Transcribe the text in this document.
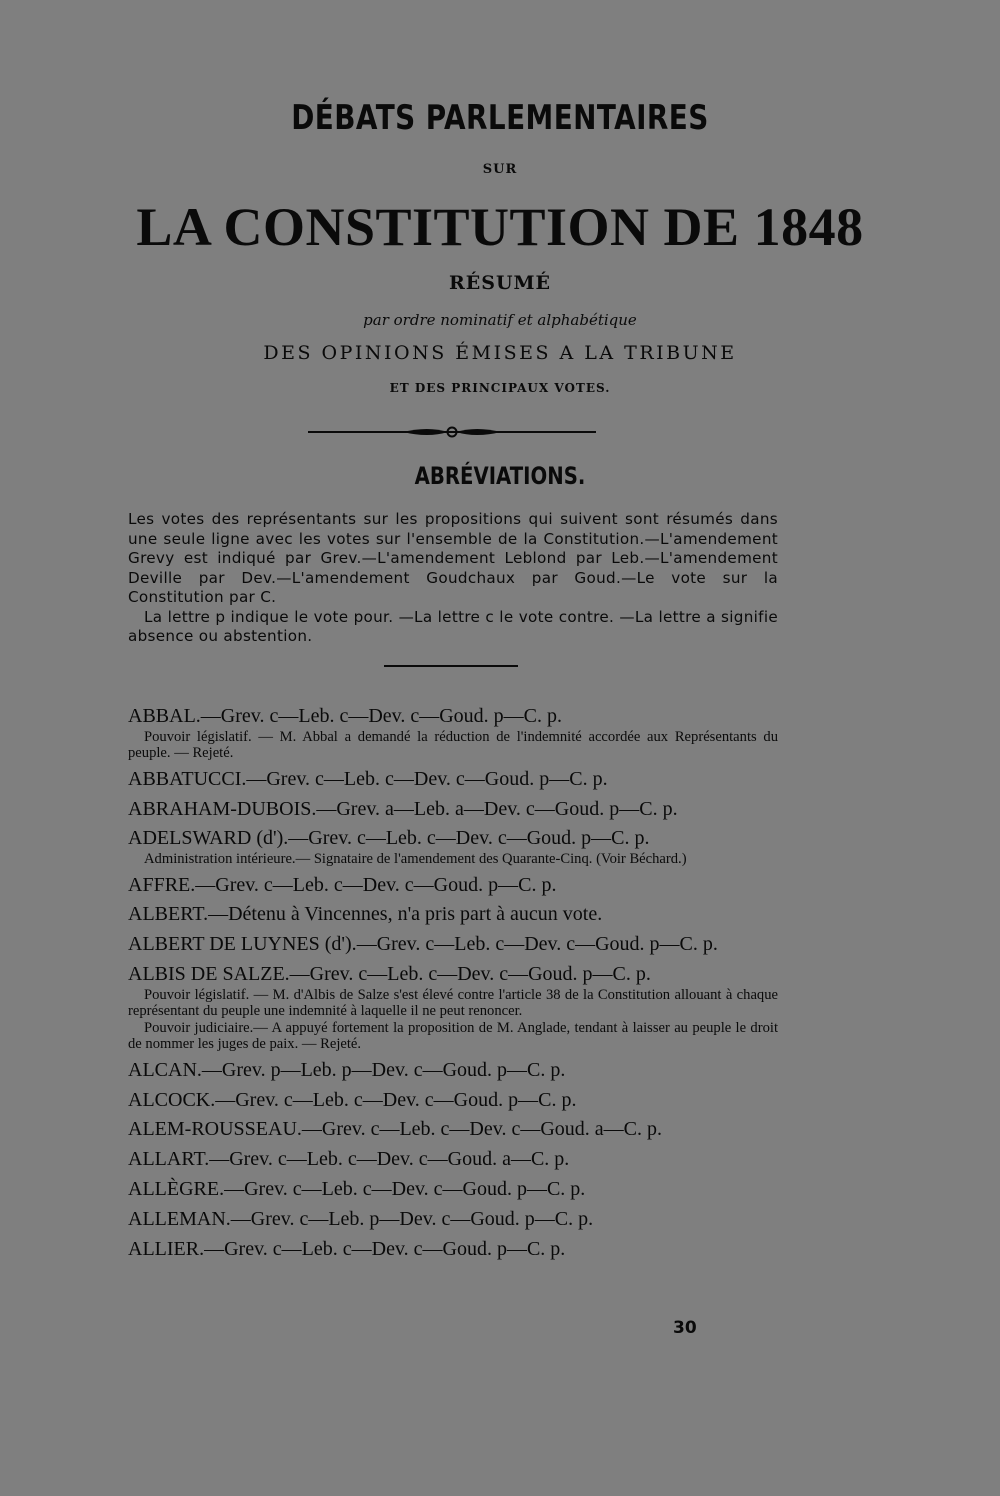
DÉBATS PARLEMENTAIRES
SUR
LA CONSTITUTION DE 1848
RÉSUMÉ
par ordre nominatif et alphabétique
DES OPINIONS ÉMISES A LA TRIBUNE
ET DES PRINCIPAUX VOTES.
ABRÉVIATIONS.

Les votes des représentants sur les propositions qui suivent sont résumés dans une seule ligne avec les votes sur l'ensemble de la Constitution.—L'amendement Grevy est indiqué par Grev.—L'amendement Leblond par Leb.—L'amendement Deville par Dev.—L'amendement Goudchaux par Goud.—Le vote sur la Constitution par C.

La lettre p indique le vote pour. —La lettre c le vote contre. —La lettre a signifie absence ou abstention.

ABBAL.—Grev. c—Leb. c—Dev. c—Goud. p—C. p.
Pouvoir législatif. — M. Abbal a demandé la réduction de l'indemnité accordée aux Représentants du peuple. — Rejeté.
ABBATUCCI.—Grev. c—Leb. c—Dev. c—Goud. p—C. p.
ABRAHAM-DUBOIS.—Grev. a—Leb. a—Dev. c—Goud. p—C. p.
ADELSWARD (d').—Grev. c—Leb. c—Dev. c—Goud. p—C. p.
Administration intérieure.— Signataire de l'amendement des Quarante-Cinq. (Voir Béchard.)
AFFRE.—Grev. c—Leb. c—Dev. c—Goud. p—C. p.
ALBERT.—Détenu à Vincennes, n'a pris part à aucun vote.
ALBERT DE LUYNES (d').—Grev. c—Leb. c—Dev. c—Goud. p—C. p.
ALBIS DE SALZE.—Grev. c—Leb. c—Dev. c—Goud. p—C. p.
Pouvoir législatif. — M. d'Albis de Salze s'est élevé contre l'article 38 de la Constitution allouant à chaque représentant du peuple une indemnité à laquelle il ne peut renoncer.
Pouvoir judiciaire.— A appuyé fortement la proposition de M. Anglade, tendant à laisser au peuple le droit de nommer les juges de paix. — Rejeté.
ALCAN.—Grev. p—Leb. p—Dev. c—Goud. p—C. p.
ALCOCK.—Grev. c—Leb. c—Dev. c—Goud. p—C. p.
ALEM-ROUSSEAU.—Grev. c—Leb. c—Dev. c—Goud. a—C. p.
ALLART.—Grev. c—Leb. c—Dev. c—Goud. a—C. p.
ALLÈGRE.—Grev. c—Leb. c—Dev. c—Goud. p—C. p.
ALLEMAN.—Grev. c—Leb. p—Dev. c—Goud. p—C. p.
ALLIER.—Grev. c—Leb. c—Dev. c—Goud. p—C. p.
30
